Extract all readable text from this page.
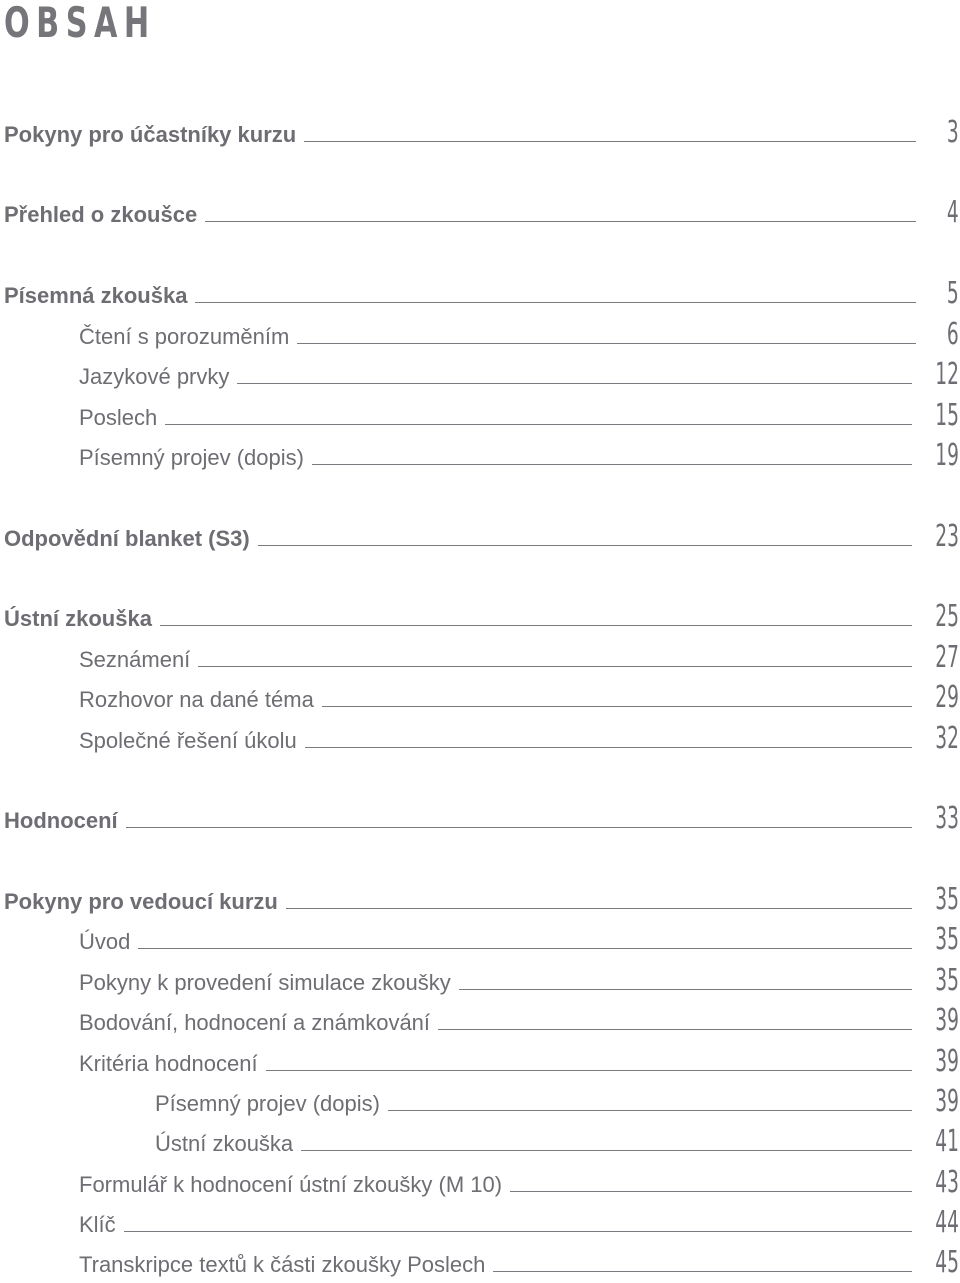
OBSAH
Pokyny pro účastníky kurzu	3
Přehled o zkoušce	4
Písemná zkouška	5
Čtení s porozuměním	6
Jazykové prvky	12
Poslech	15
Písemný projev (dopis)	19
Odpovědní blanket (S3)	23
Ústní zkouška	25
Seznámení	27
Rozhovor na dané téma	29
Společné řešení úkolu	32
Hodnocení	33
Pokyny pro vedoucí kurzu	35
Úvod	35
Pokyny k provedení simulace zkoušky	35
Bodování, hodnocení a známkování	39
Kritéria hodnocení	39
Písemný projev (dopis)	39
Ústní zkouška	41
Formulář k hodnocení ústní zkoušky (M 10)	43
Klíč	44
Transkripce textů k části zkoušky Poslech	45
